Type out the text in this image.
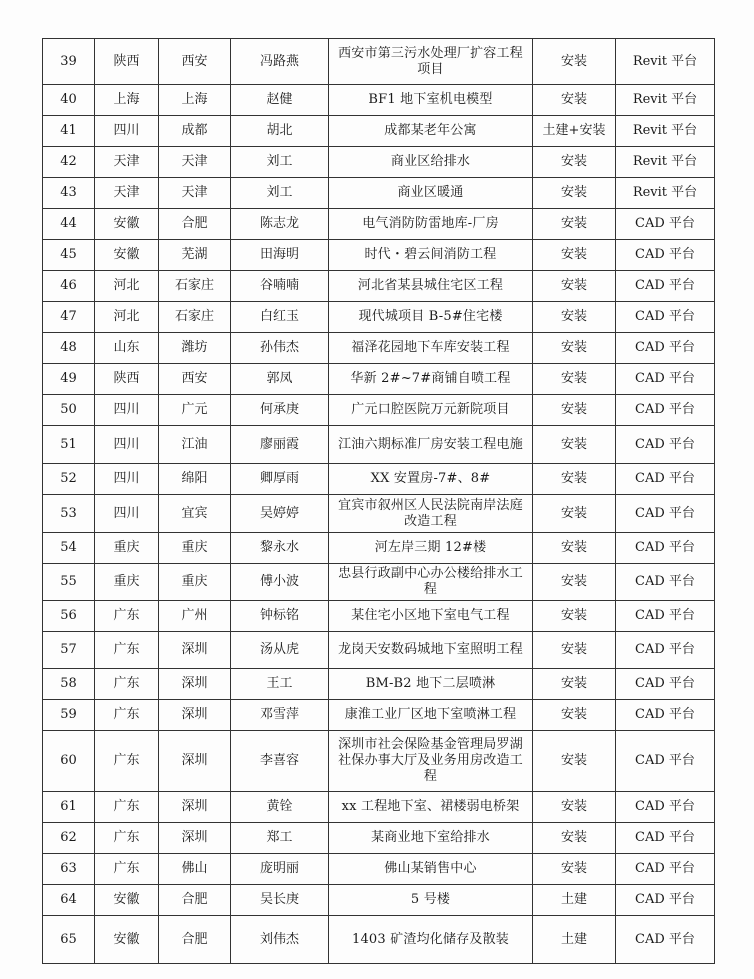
39	陕西	西安	冯路燕	西安市第三污水处理厂扩容工程项目	安装	Revit 平台
40	上海	上海	赵健	BF1 地下室机电模型	安装	Revit 平台
41	四川	成都	胡北	成都某老年公寓	土建+安装	Revit 平台
42	天津	天津	刘工	商业区给排水	安装	Revit 平台
43	天津	天津	刘工	商业区暖通	安装	Revit 平台
44	安徽	合肥	陈志龙	电气消防防雷地库-厂房	安装	CAD 平台
45	安徽	芜湖	田海明	时代・碧云间消防工程	安装	CAD 平台
46	河北	石家庄	谷喃喃	河北省某县城住宅区工程	安装	CAD 平台
47	河北	石家庄	白红玉	现代城项目 B-5#住宅楼	安装	CAD 平台
48	山东	潍坊	孙伟杰	福泽花园地下车库安装工程	安装	CAD 平台
49	陕西	西安	郭凤	华新 2#~7#商铺自喷工程	安装	CAD 平台
50	四川	广元	何承庚	广元口腔医院万元新院项目	安装	CAD 平台
51	四川	江油	廖丽霞	江油六期标准厂房安装工程电施	安装	CAD 平台
52	四川	绵阳	卿厚雨	XX 安置房-7#、8#	安装	CAD 平台
53	四川	宜宾	吴婷婷	宜宾市叙州区人民法院南岸法庭改造工程	安装	CAD 平台
54	重庆	重庆	黎永水	河左岸三期 12#楼	安装	CAD 平台
55	重庆	重庆	傅小波	忠县行政副中心办公楼给排水工程	安装	CAD 平台
56	广东	广州	钟标铭	某住宅小区地下室电气工程	安装	CAD 平台
57	广东	深圳	汤从虎	龙岗天安数码城地下室照明工程	安装	CAD 平台
58	广东	深圳	王工	BM-B2 地下二层喷淋	安装	CAD 平台
59	广东	深圳	邓雪萍	康淮工业厂区地下室喷淋工程	安装	CAD 平台
60	广东	深圳	李喜容	深圳市社会保险基金管理局罗湖社保办事大厅及业务用房改造工程	安装	CAD 平台
61	广东	深圳	黄铨	xx 工程地下室、裙楼弱电桥架	安装	CAD 平台
62	广东	深圳	郑工	某商业地下室给排水	安装	CAD 平台
63	广东	佛山	庞明丽	佛山某销售中心	安装	CAD 平台
64	安徽	合肥	吴长庚	5 号楼	土建	CAD 平台
65	安徽	合肥	刘伟杰	1403 矿渣均化储存及散装	土建	CAD 平台
